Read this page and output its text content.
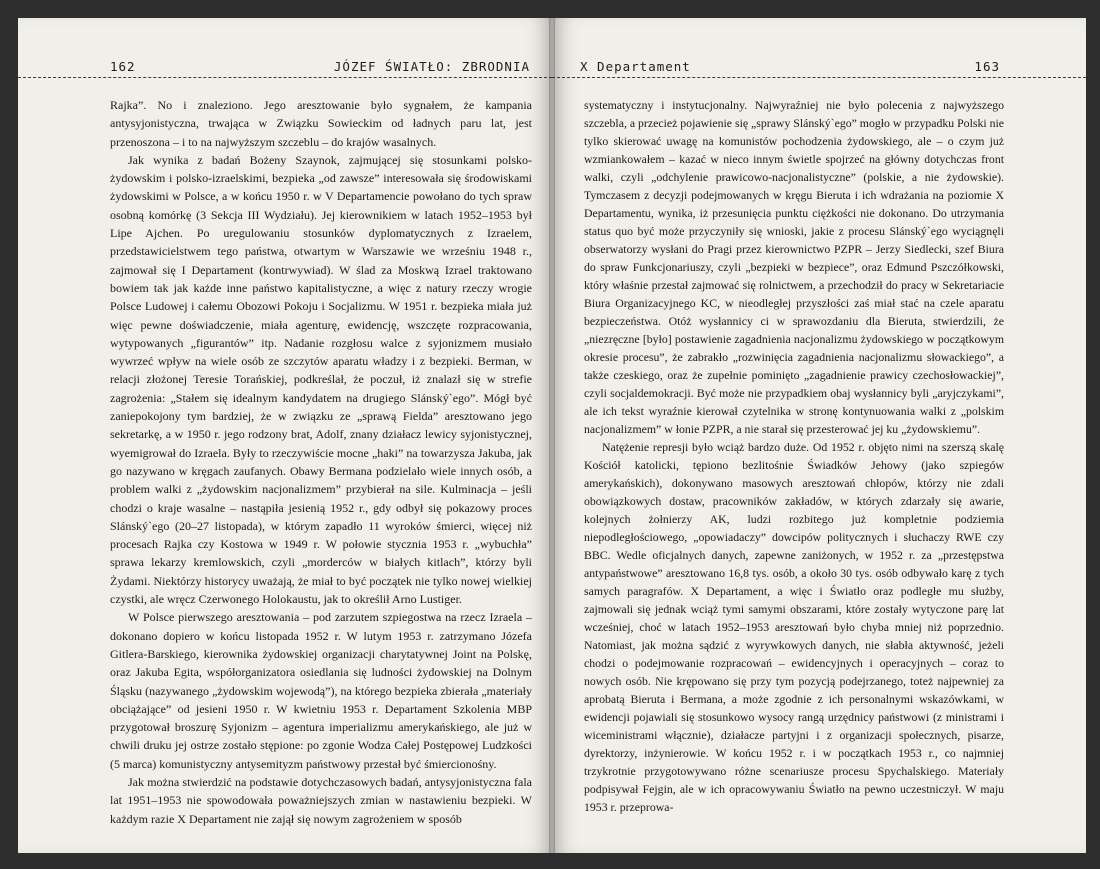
162	JÓZEF ŚWIATŁO: ZBRODNIA

Rajka”. No i znaleziono. Jego aresztowanie było sygnałem, że kampania antysyjonistyczna, trwająca w Związku Sowieckim od ładnych paru lat, jest przenoszona – i to na najwyższym szczeblu – do krajów wasalnych.

Jak wynika z badań Bożeny Szaynok, zajmującej się stosunkami polsko-żydowskim i polsko-izraelskimi, bezpieka „od zawsze” interesowała się środowiskami żydowskimi w Polsce, a w końcu 1950 r. w V Departamencie powołano do tych spraw osobną komórkę (3 Sekcja III Wydziału). Jej kierownikiem w latach 1952–1953 był Lipe Ajchen. Po uregulowaniu stosunków dyplomatycznych z Izraelem, przedstawicielstwem tego państwa, otwartym w Warszawie we wrześniu 1948 r., zajmował się I Departament (kontrwywiad). W ślad za Moskwą Izrael traktowano bowiem tak jak każde inne państwo kapitalistyczne, a więc z natury rzeczy wrogie Polsce Ludowej i całemu Obozowi Pokoju i Socjalizmu. W 1951 r. bezpieka miała już więc pewne doświadczenie, miała agenturę, ewidencję, wszczęte rozpracowania, wytypowanych „figurantów” itp. Nadanie rozgłosu walce z syjonizmem musiało wywrzeć wpływ na wiele osób ze szczytów aparatu władzy i z bezpieki. Berman, w relacji złożonej Teresie Torańskiej, podkreślał, że poczuł, iż znalazł się w strefie zagrożenia: „Stałem się idealnym kandydatem na drugiego Slánský`ego”. Mógł być zaniepokojony tym bardziej, że w związku ze „sprawą Fielda” aresztowano jego sekretarkę, a w 1950 r. jego rodzony brat, Adolf, znany działacz lewicy syjonistycznej, wyemigrował do Izraela. Były to rzeczywiście mocne „haki” na towarzysza Jakuba, jak go nazywano w kręgach zaufanych. Obawy Bermana podzielało wiele innych osób, a problem walki z „żydowskim nacjonalizmem” przybierał na sile. Kulminacja – jeśli chodzi o kraje wasalne – nastąpiła jesienią 1952 r., gdy odbył się pokazowy proces Slánský`ego (20–27 listopada), w którym zapadło 11 wyroków śmierci, więcej niż procesach Rajka czy Kostowa w 1949 r. W połowie stycznia 1953 r. „wybuchła” sprawa lekarzy kremlowskich, czyli „morderców w białych kitlach”, którzy byli Żydami. Niektórzy historycy uważają, że miał to być początek nie tylko nowej wielkiej czystki, ale wręcz Czerwonego Holokaustu, jak to określił Arno Lustiger.

W Polsce pierwszego aresztowania – pod zarzutem szpiegostwa na rzecz Izraela – dokonano dopiero w końcu listopada 1952 r. W lutym 1953 r. zatrzymano Józefa Gitlera-Barskiego, kierownika żydowskiej organizacji charytatywnej Joint na Polskę, oraz Jakuba Egita, współorganizatora osiedlania się ludności żydowskiej na Dolnym Śląsku (nazywanego „żydowskim wojewodą”), na którego bezpieka zbierała „materiały obciążające” od jesieni 1950 r. W kwietniu 1953 r. Departament Szkolenia MBP przygotował broszurę Syjonizm – agentura imperializmu amerykańskiego, ale już w chwili druku jej ostrze zostało stępione: po zgonie Wodza Całej Postępowej Ludzkości (5 marca) komunistyczny antysemityzm państwowy przestał być śmiercionośny.

Jak można stwierdzić na podstawie dotychczasowych badań, antysyjonistyczna fala lat 1951–1953 nie spowodowała poważniejszych zmian w nastawieniu bezpieki. W każdym razie X Departament nie zajął się nowym zagrożeniem w sposób

X Departament	163

systematyczny i instytucjonalny. Najwyraźniej nie było polecenia z najwyższego szczebla, a przecież pojawienie się „sprawy Slánský`ego” mogło w przypadku Polski nie tylko skierować uwagę na komunistów pochodzenia żydowskiego, ale – o czym już wzmiankowałem – kazać w nieco innym świetle spojrzeć na główny dotychczas front walki, czyli „odchylenie prawicowo-nacjonalistyczne” (polskie, a nie żydowskie). Tymczasem z decyzji podejmowanych w kręgu Bieruta i ich wdrażania na poziomie X Departamentu, wynika, iż przesunięcia punktu ciężkości nie dokonano. Do utrzymania status quo być może przyczyniły się wnioski, jakie z procesu Slánský`ego wyciągnęli obserwatorzy wysłani do Pragi przez kierownictwo PZPR – Jerzy Siedlecki, szef Biura do spraw Funkcjonariuszy, czyli „bezpieki w bezpiece”, oraz Edmund Pszczółkowski, który właśnie przestał zajmować się rolnictwem, a przechodził do pracy w Sekretariacie Biura Organizacyjnego KC, w nieodległej przyszłości zaś miał stać na czele aparatu bezpieczeństwa. Otóż wysłannicy ci w sprawozdaniu dla Bieruta, stwierdzili, że „niezręczne [było] postawienie zagadnienia nacjonalizmu żydowskiego w początkowym okresie procesu”, że zabrakło „rozwinięcia zagadnienia nacjonalizmu słowackiego”, a także czeskiego, oraz że zupełnie pominięto „zagadnienie prawicy czechosłowackiej”, czyli socjaldemokracji. Być może nie przypadkiem obaj wysłannicy byli „aryjczykami”, ale ich tekst wyraźnie kierował czytelnika w stronę kontynuowania walki z „polskim nacjonalizmem” w łonie PZPR, a nie starał się przesterować jej ku „żydowskiemu”.

Natężenie represji było wciąż bardzo duże. Od 1952 r. objęto nimi na szerszą skalę Kościół katolicki, tępiono bezlitośnie Świadków Jehowy (jako szpiegów amerykańskich), dokonywano masowych aresztowań chłopów, którzy nie zdali obowiązkowych dostaw, pracowników zakładów, w których zdarzały się awarie, kolejnych żołnierzy AK, ludzi rozbitego już kompletnie podziemia niepodległościowego, „opowiadaczy” dowcipów politycznych i słuchaczy RWE czy BBC. Wedle oficjalnych danych, zapewne zaniżonych, w 1952 r. za „przestępstwa antypaństwowe” aresztowano 16,8 tys. osób, a około 30 tys. osób odbywało karę z tych samych paragrafów. X Departament, a więc i Światło oraz podległe mu służby, zajmowali się jednak wciąż tymi samymi obszarami, które zostały wytyczone parę lat wcześniej, choć w latach 1952–1953 aresztowań było chyba mniej niż poprzednio. Natomiast, jak można sądzić z wyrywkowych danych, nie słabła aktywność, jeżeli chodzi o podejmowanie rozpracowań – ewidencyjnych i operacyjnych – coraz to nowych osób. Nie krępowano się przy tym pozycją podejrzanego, toteż najpewniej za aprobatą Bieruta i Bermana, a może zgodnie z ich personalnymi wskazówkami, w ewidencji pojawiali się stosunkowo wysocy rangą urzędnicy państwowi (z ministrami i wiceministrami włącznie), działacze partyjni i z organizacji społecznych, pisarze, dyrektorzy, inżynierowie. W końcu 1952 r. i w początkach 1953 r., co najmniej trzykrotnie przygotowywano różne scenariusze procesu Spychalskiego. Materiały podpisywał Fejgin, ale w ich opracowywaniu Światło na pewno uczestniczył. W maju 1953 r. przeprowa-
